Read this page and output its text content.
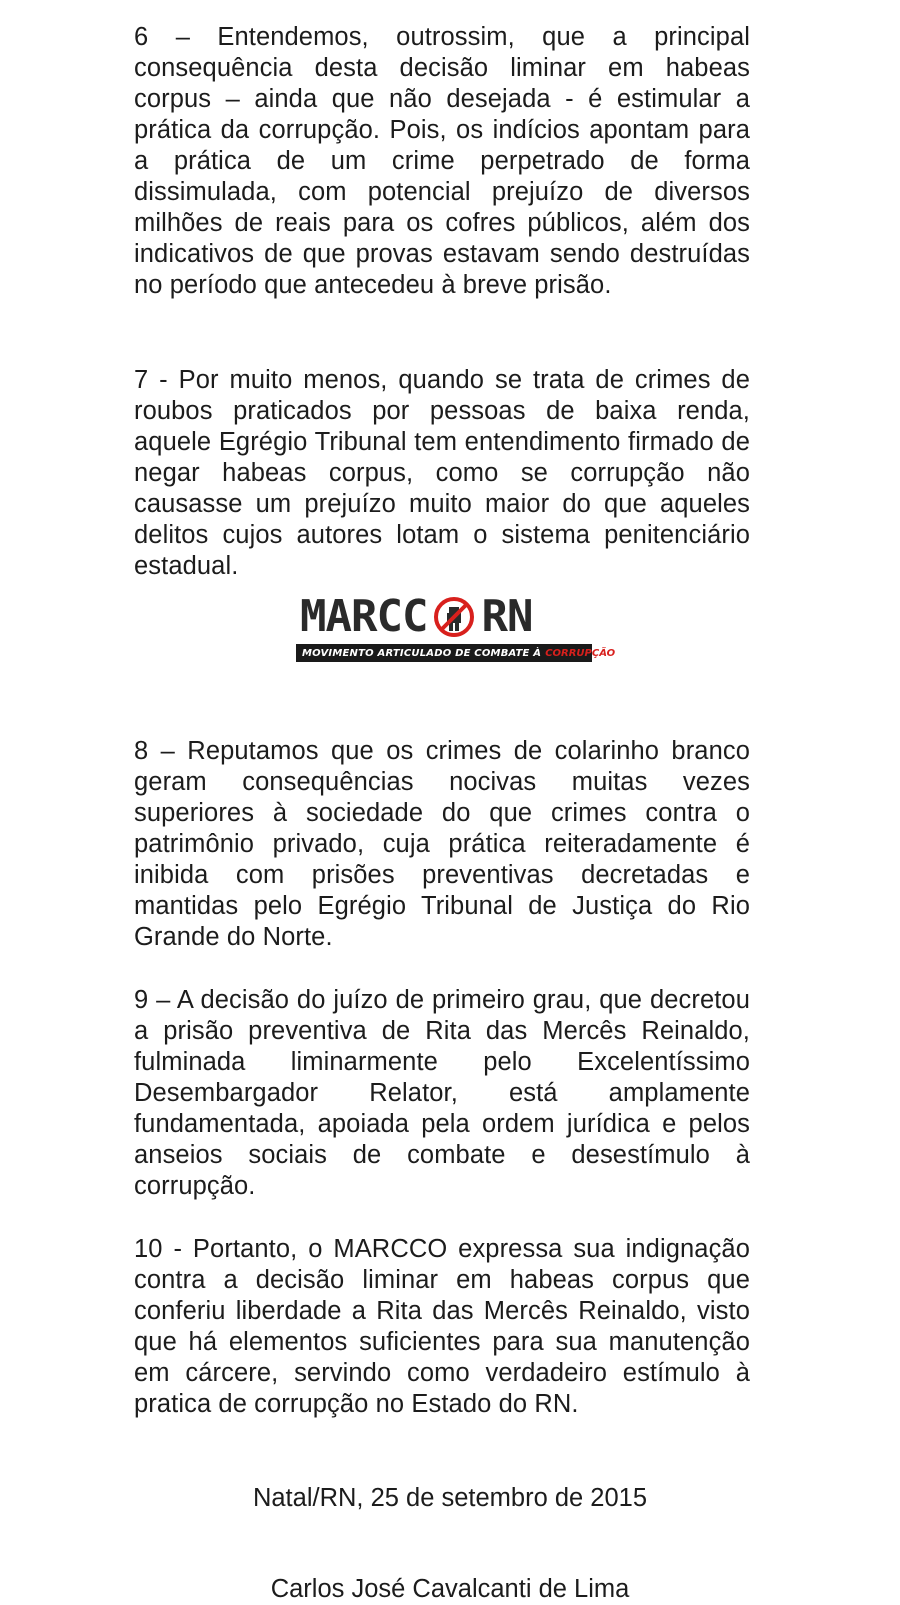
6 – Entendemos, outrossim, que a principal consequência desta decisão liminar em habeas corpus – ainda que não desejada - é estimular a prática da corrupção. Pois, os indícios apontam para a prática de um crime perpetrado de forma dissimulada, com potencial prejuízo de diversos milhões de reais para os cofres públicos, além dos indicativos de que provas estavam sendo destruídas no período que antecedeu à breve prisão.

7 - Por muito menos, quando se trata de crimes de roubos praticados por pessoas de baixa renda, aquele Egrégio Tribunal tem entendimento firmado de negar habeas corpus, como se corrupção não causasse um prejuízo muito maior do que aqueles delitos cujos autores lotam o sistema penitenciário estadual.

MARCC RN
MOVIMENTO ARTICULADO DE COMBATE À CORRUPÇÃO

8 – Reputamos que os crimes de colarinho branco geram consequências nocivas muitas vezes superiores à sociedade do que crimes contra o patrimônio privado, cuja prática reiteradamente é inibida com prisões preventivas decretadas e mantidas pelo Egrégio Tribunal de Justiça do Rio Grande do Norte.

9 – A decisão do juízo de primeiro grau, que decretou a prisão preventiva de Rita das Mercês Reinaldo, fulminada liminarmente pelo Excelentíssimo Desembargador Relator, está amplamente fundamentada, apoiada pela ordem jurídica e pelos anseios sociais de combate e desestímulo à corrupção.

10 - Portanto, o MARCCO expressa sua indignação contra a decisão liminar em habeas corpus que conferiu liberdade a Rita das Mercês Reinaldo, visto que há elementos suficientes para sua manutenção em cárcere, servindo como verdadeiro estímulo à pratica de corrupção no Estado do RN.

Natal/RN, 25 de setembro de 2015
Carlos José Cavalcanti de Lima
